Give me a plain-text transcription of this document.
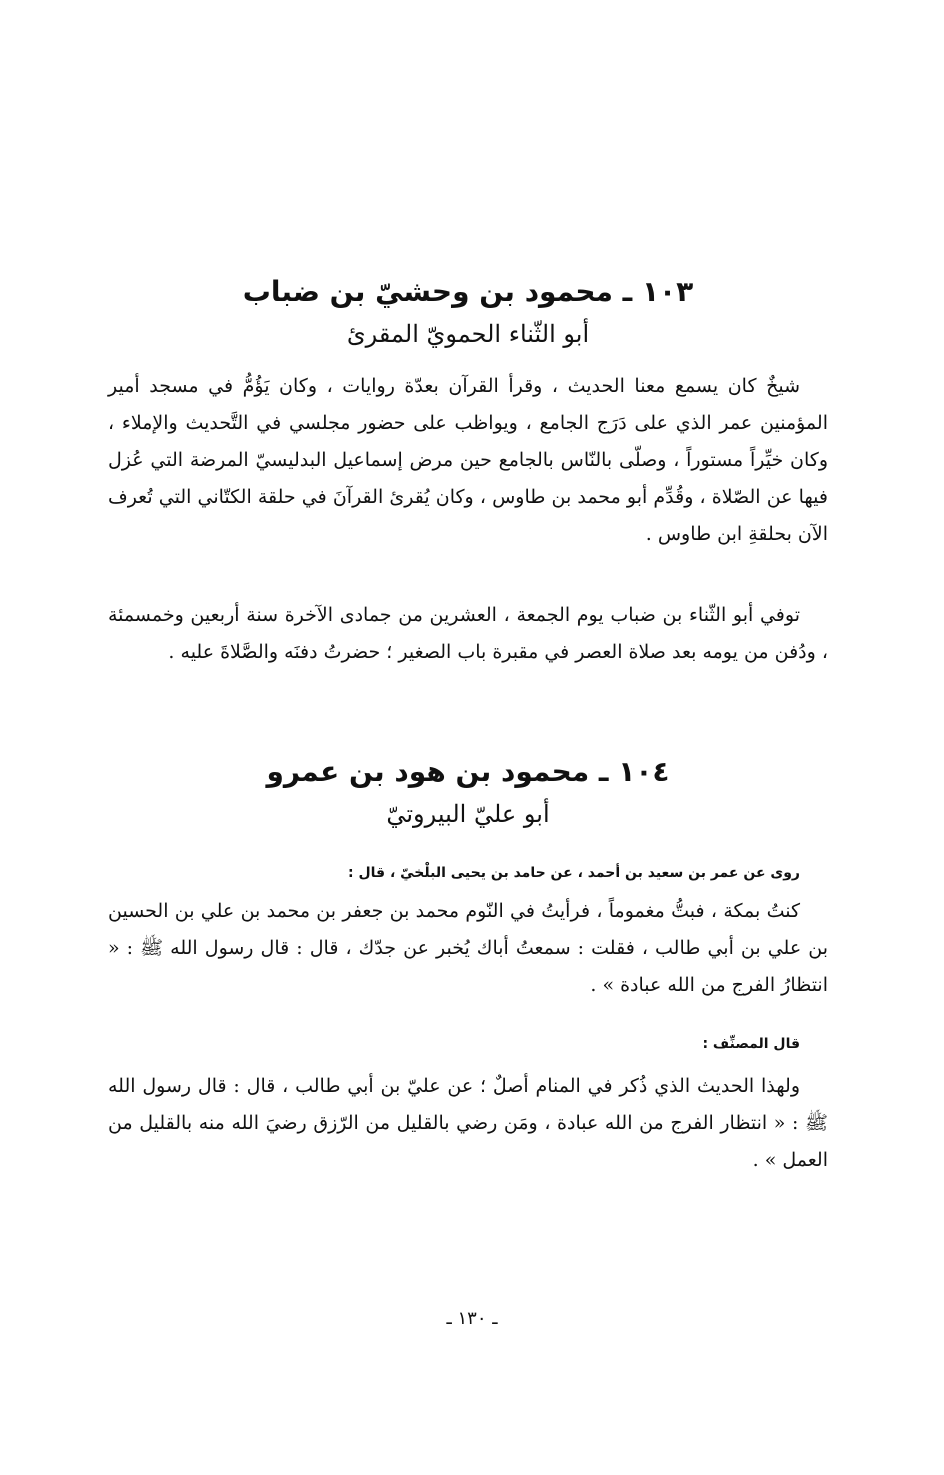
١٠٣ ـ محمود بن وحشيّ بن ضباب

أبو الثّناء الحمويّ المقرئ

شيخٌ كان يسمع معنا الحديث ، وقرأ القرآن بعدّة روايات ، وكان يَؤُمُّ في مسجد أمير المؤمنين عمر الذي على دَرَج الجامع ، ويواظب على حضور مجلسي في التَّحديث والإملاء ، وكان خيِّراً مستوراً ، وصلّى بالنّاس بالجامع حين مرض إسماعيل البدليسيّ المرضة التي عُزل فيها عن الصّلاة ، وقُدِّم أبو محمد بن طاوس ، وكان يُقرئ القرآنَ في حلقة الكتّاني التي تُعرف الآن بحلقةِ ابن طاوس .

توفي أبو الثّناء بن ضباب يوم الجمعة ، العشرين من جمادى الآخرة سنة أربعين وخمسمئة ، ودُفن من يومه بعد صلاة العصر في مقبرة باب الصغير ؛ حضرتُ دفنَه والصَّلاةَ عليه .

١٠٤ ـ محمود بن هود بن عمرو

أبو عليّ البيروتيّ

روى عن عمر بن سعيد بن أحمد ، عن حامد بن يحيى البلْخيّ ، قال :

كنتُ بمكة ، فبتُّ مغموماً ، فرأيتُ في النّوم محمد بن جعفر بن محمد بن علي بن الحسين بن علي بن أبي طالب ، فقلت : سمعتُ أباك يُخبر عن جدّك ، قال : قال رسول الله ﷺ : « انتظارُ الفرج من الله عبادة » .

قال المصنِّف :

ولهذا الحديث الذي ذُكر في المنام أصلٌ ؛ عن عليّ بن أبي طالب ، قال : قال رسول الله ﷺ : « انتظار الفرج من الله عبادة ، ومَن رضي بالقليل من الرّزق رضيَ الله منه بالقليل من العمل » .

ـ ١٣٠ ـ
